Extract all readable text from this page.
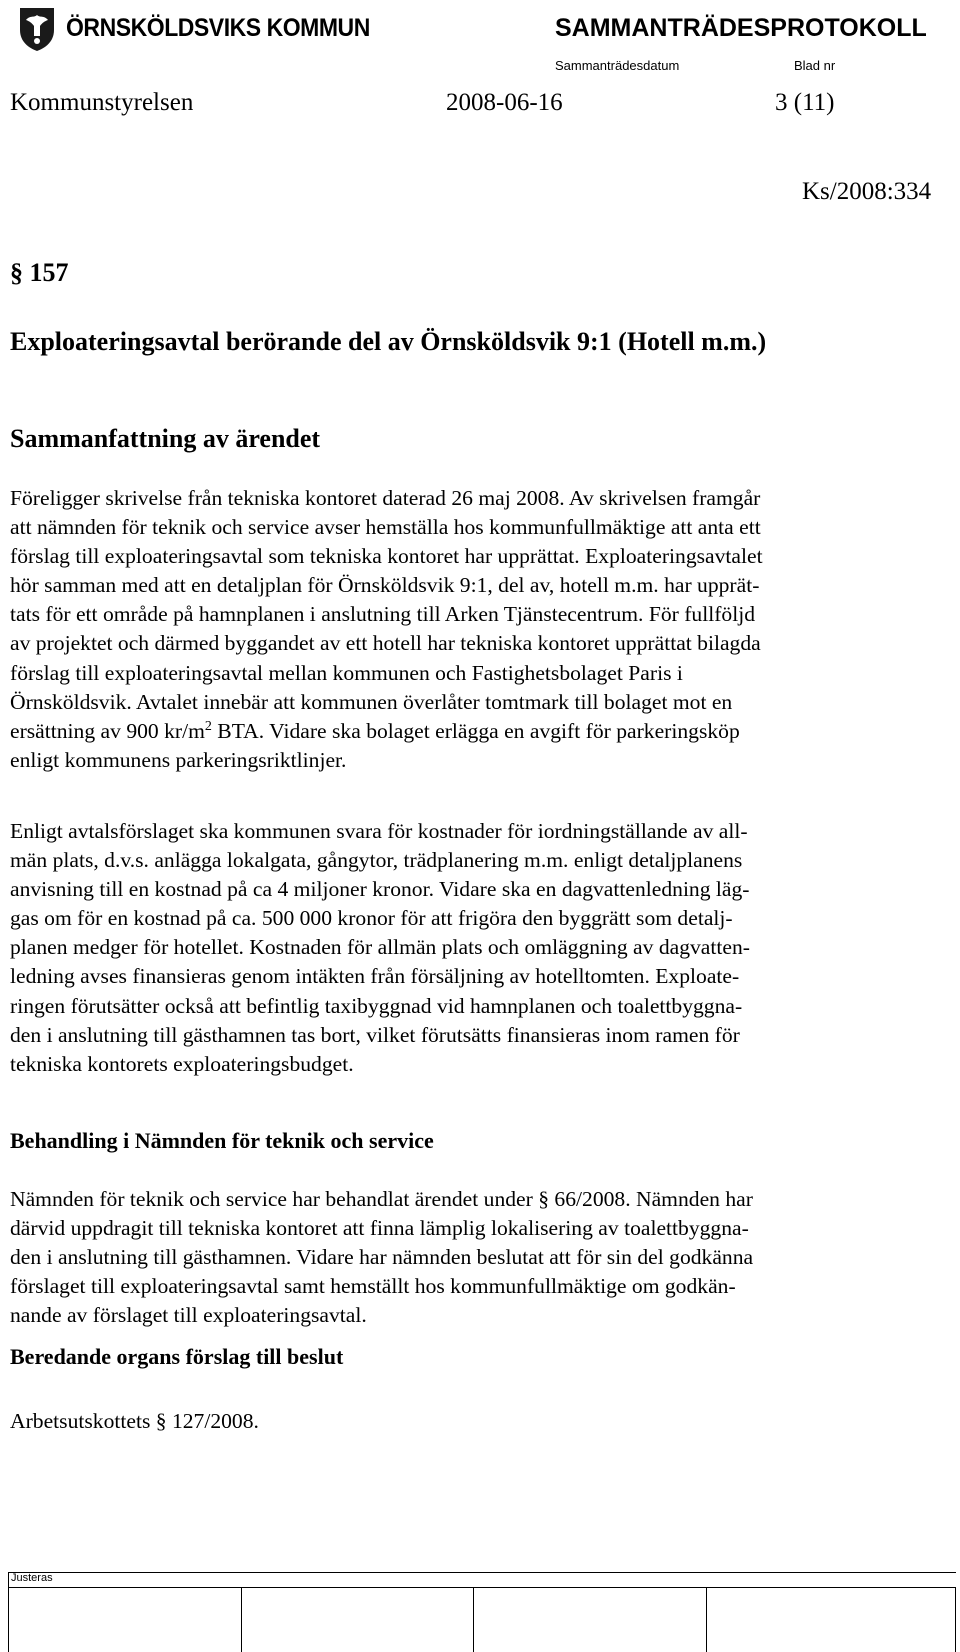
ÖRNSKÖLDSVIKS KOMMUN	SAMMANTRÄDESPROTOKOLL
Sammanträdesdatum	Blad nr
Kommunstyrelsen	2008-06-16	3 (11)
Ks/2008:334
§ 157
Exploateringsavtal berörande del av Örnsköldsvik 9:1 (Hotell m.m.)
Sammanfattning av ärendet
Föreligger skrivelse från tekniska kontoret daterad 26 maj 2008. Av skrivelsen framgår
att nämnden för teknik och service avser hemställa hos kommunfullmäktige att anta ett
förslag till exploateringsavtal som tekniska kontoret har upprättat. Exploateringsavtalet
hör samman med att en detaljplan för Örnsköldsvik 9:1, del av, hotell m.m. har upprät-
tats för ett område på hamnplanen i anslutning till Arken Tjänstecentrum. För fullföljd
av projektet och därmed byggandet av ett hotell har tekniska kontoret upprättat bilagda
förslag till exploateringsavtal mellan kommunen och Fastighetsbolaget Paris i
Örnsköldsvik. Avtalet innebär att kommunen överlåter tomtmark till bolaget mot en
ersättning av 900 $kr/m^2$ BTA. Vidare ska bolaget erlägga en avgift för parkeringsköp
enligt kommunens parkeringsriktlinjer.
Enligt avtalsförslaget ska kommunen svara för kostnader för iordningställande av all-
män plats, d.v.s. anlägga lokalgata, gångytor, trädplanering m.m. enligt detaljplanens
anvisning till en kostnad på ca 4 miljoner kronor. Vidare ska en dagvattenledning läg-
gas om för en kostnad på ca. 500 000 kronor för att frigöra den byggrätt som detalj-
planen medger för hotellet. Kostnaden för allmän plats och omläggning av dagvatten-
ledning avses finansieras genom intäkten från försäljning av hotelltomten. Exploate-
ringen förutsätter också att befintlig taxibyggnad vid hamnplanen och toalettbyggna-
den i anslutning till gästhamnen tas bort, vilket förutsätts finansieras inom ramen för
tekniska kontorets exploateringsbudget.
Behandling i Nämnden för teknik och service
Nämnden för teknik och service har behandlat ärendet under § 66/2008. Nämnden har
därvid uppdragit till tekniska kontoret att finna lämplig lokalisering av toalettbyggna-
den i anslutning till gästhamnen. Vidare har nämnden beslutat att för sin del godkänna
förslaget till exploateringsavtal samt hemställt hos kommunfullmäktige om godkän-
nande av förslaget till exploateringsavtal.
Beredande organs förslag till beslut
Arbetsutskottets § 127/2008.
Justeras
